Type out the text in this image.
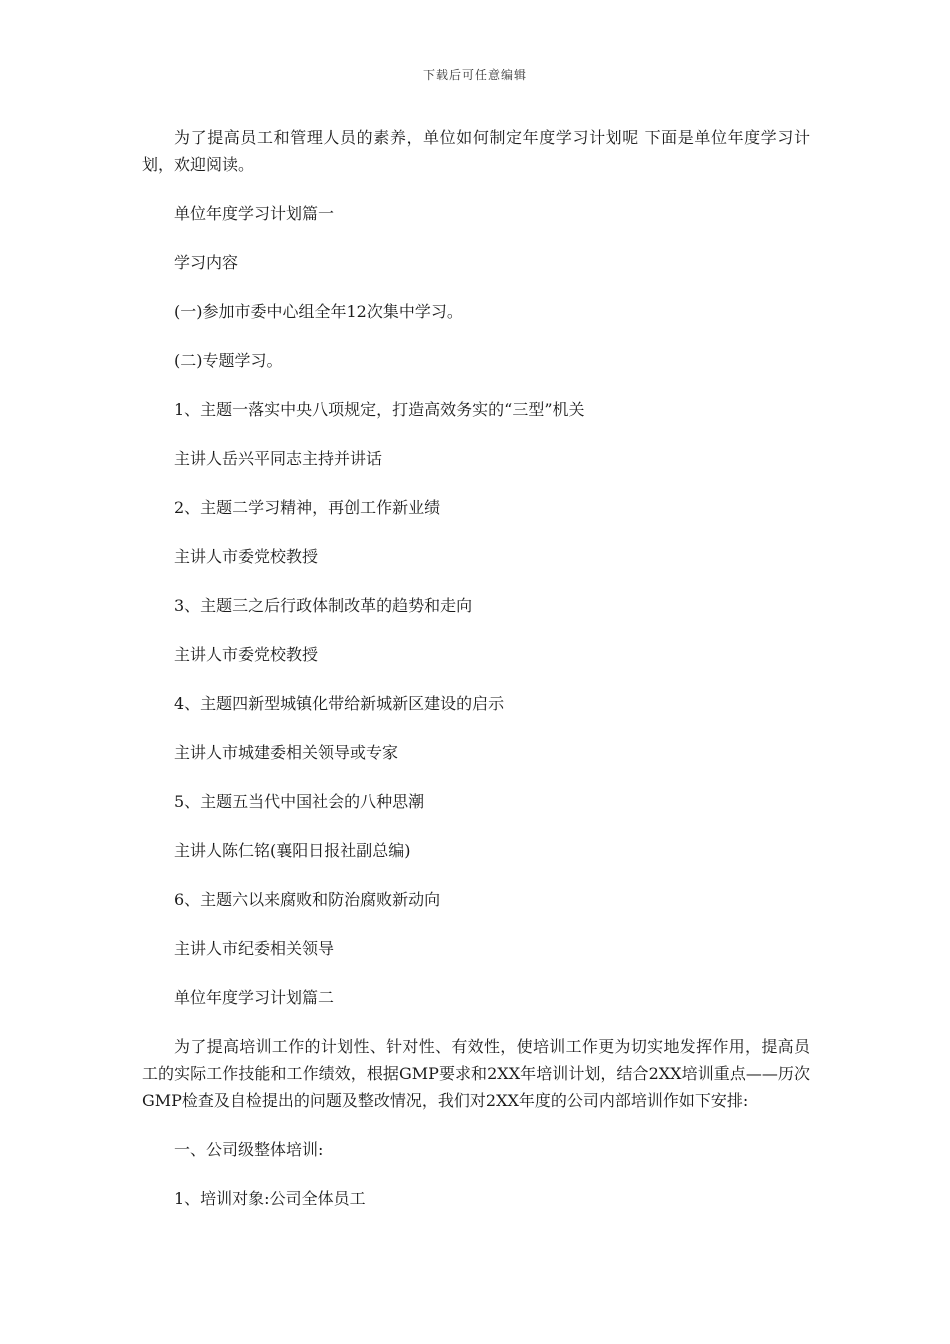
下载后可任意编辑

为了提高员工和管理人员的素养，单位如何制定年度学习计划呢 下面是单位年度学习计划，欢迎阅读。

单位年度学习计划篇一

学习内容

(一)参加市委中心组全年12次集中学习。

(二)专题学习。

1、主题一落实中央八项规定，打造高效务实的“三型”机关

主讲人岳兴平同志主持并讲话

2、主题二学习精神，再创工作新业绩

主讲人市委党校教授

3、主题三之后行政体制改革的趋势和走向

主讲人市委党校教授

4、主题四新型城镇化带给新城新区建设的启示

主讲人市城建委相关领导或专家

5、主题五当代中国社会的八种思潮

主讲人陈仁铭(襄阳日报社副总编)

6、主题六以来腐败和防治腐败新动向

主讲人市纪委相关领导

单位年度学习计划篇二

为了提高培训工作的计划性、针对性、有效性，使培训工作更为切实地发挥作用，提高员工的实际工作技能和工作绩效，根据GMP要求和2XX年培训计划，结合2XX培训重点——历次GMP检查及自检提出的问题及整改情况，我们对2XX年度的公司内部培训作如下安排:

一、公司级整体培训:

1、培训对象:公司全体员工
